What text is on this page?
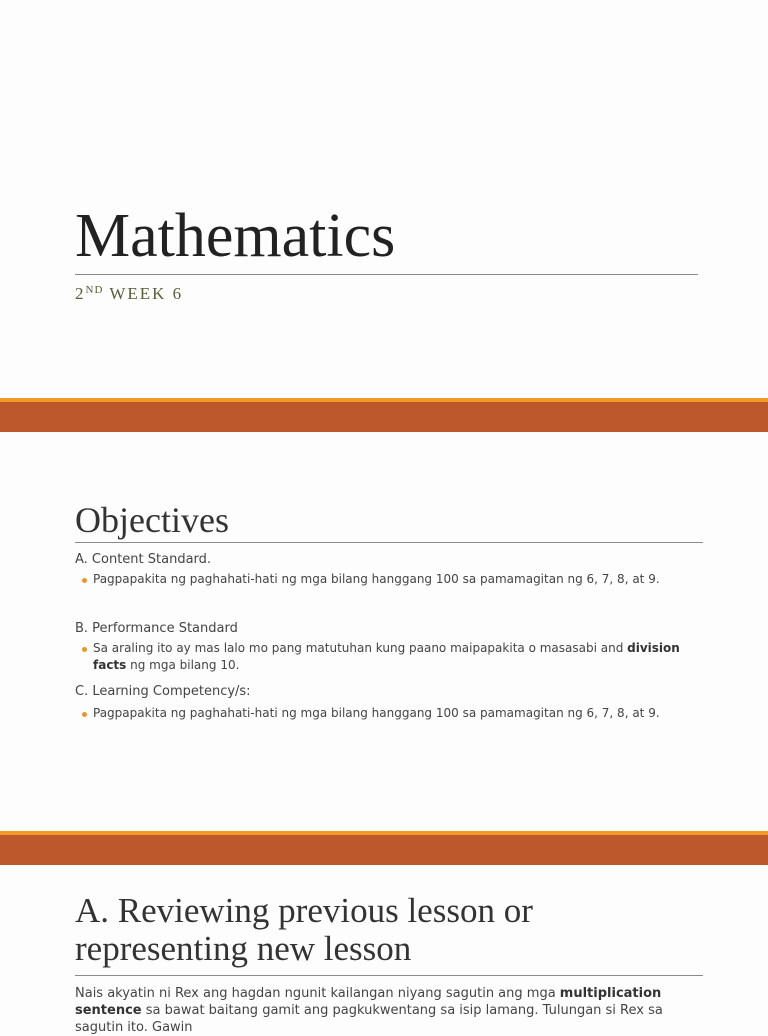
Mathematics
2ND WEEK 6
Objectives
A. Content Standard.
Pagpapakita ng paghahati-hati ng mga bilang hanggang 100 sa pamamagitan ng 6, 7, 8, at 9.
B. Performance Standard
Sa araling ito ay mas lalo mo pang matutuhan kung paano maipapakita o masasabi and division facts ng mga bilang 10.
C. Learning Competency/s:
Pagpapakita ng paghahati-hati ng mga bilang hanggang 100 sa pamamagitan ng 6, 7, 8, at 9.
A. Reviewing previous lesson or
representing new lesson
Nais akyatin ni Rex ang hagdan ngunit kailangan niyang sagutin ang mga multiplication sentence sa bawat baitang gamit ang pagkukwentang sa isip lamang. Tulungan si Rex sa sagutin ito. Gawin
